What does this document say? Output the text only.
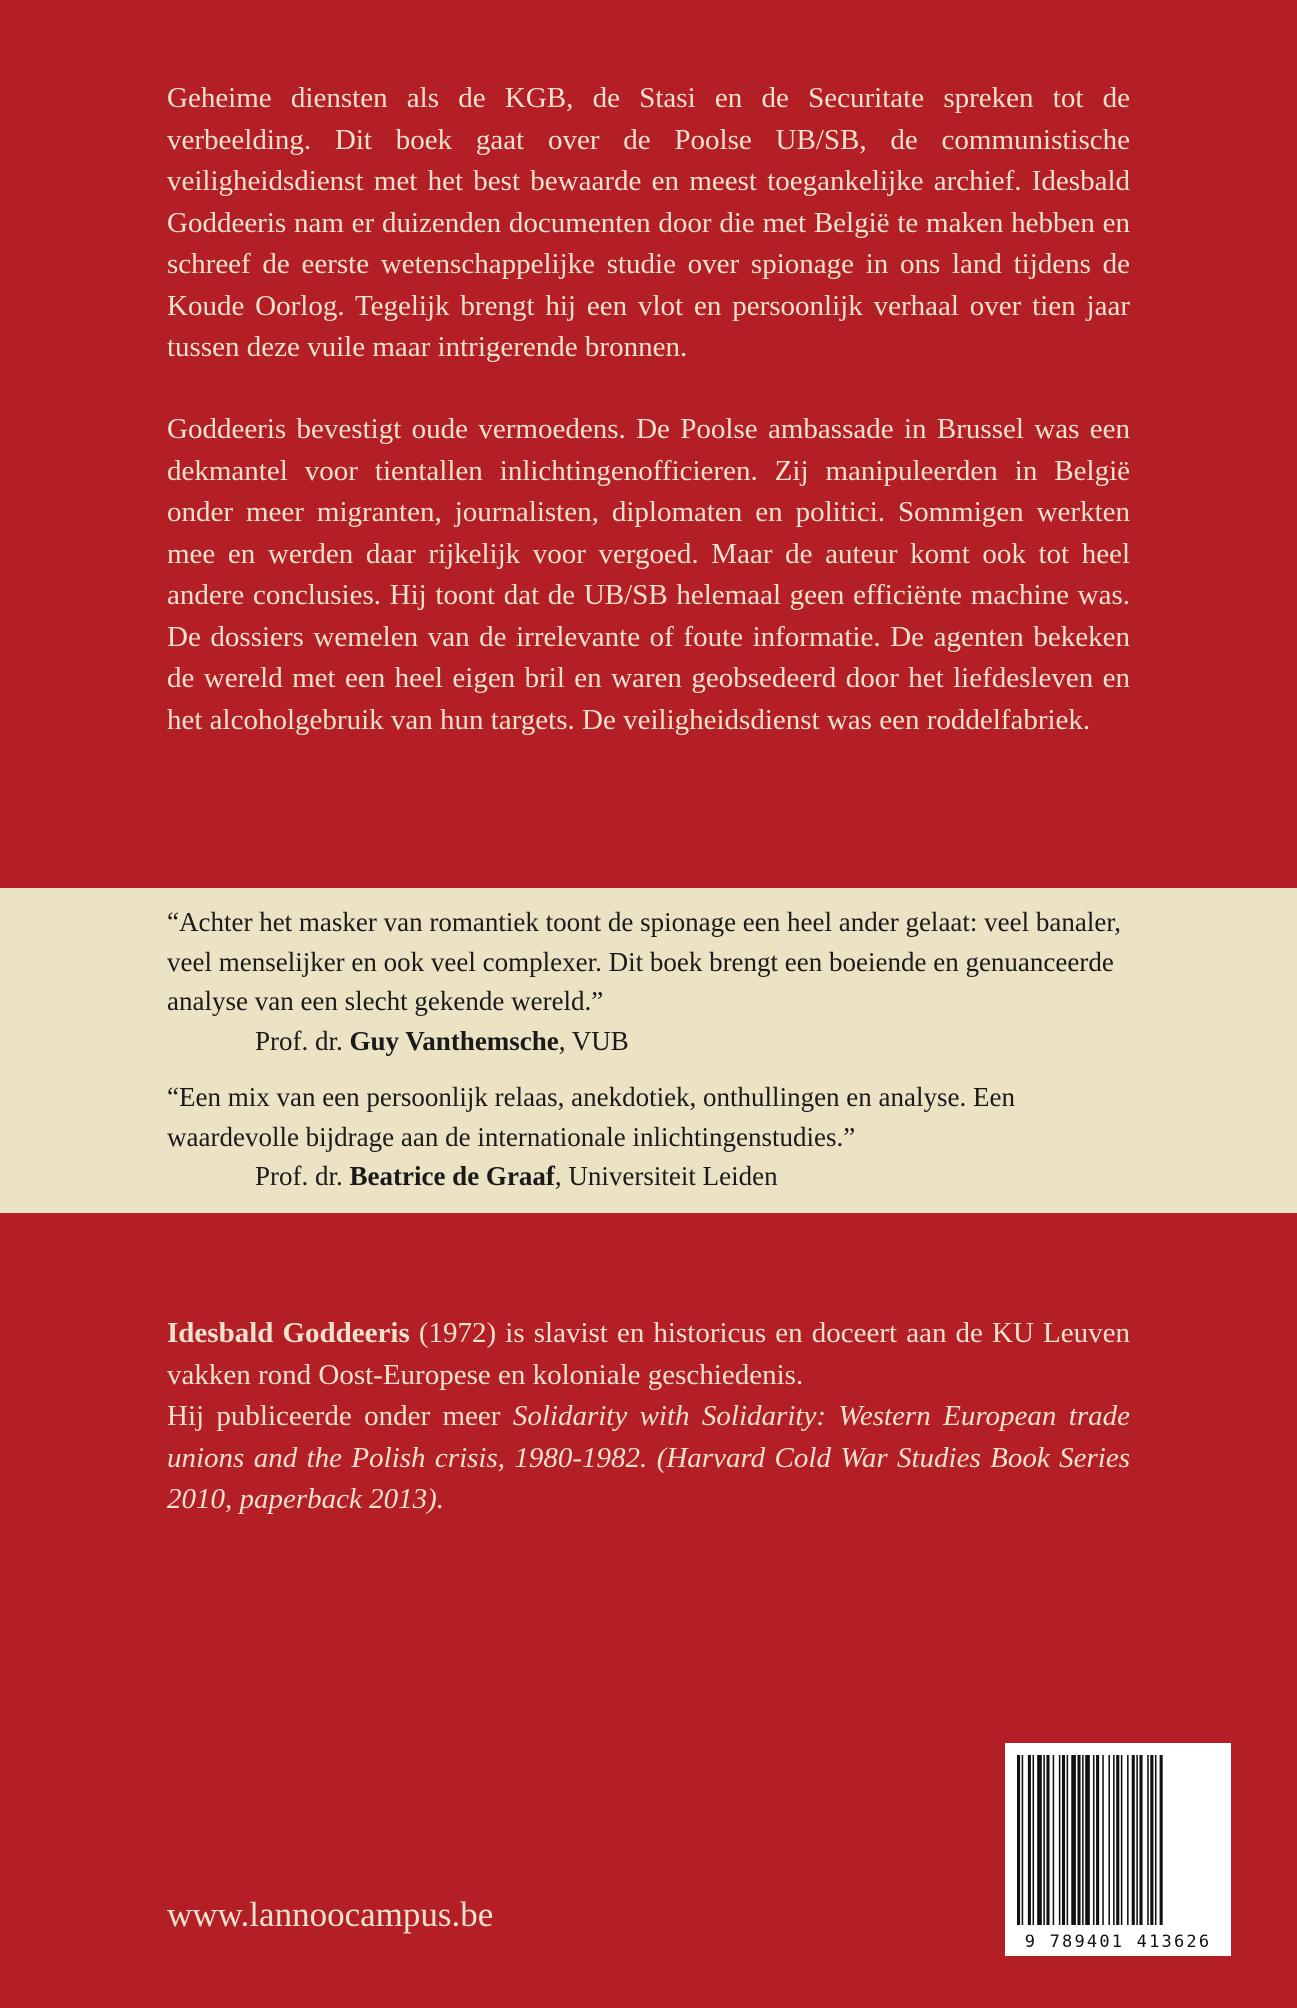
Geheime diensten als de KGB, de Stasi en de Securitate spreken tot de verbeelding. Dit boek gaat over de Poolse UB/SB, de communistische veiligheidsdienst met het best bewaarde en meest toegankelijke archief. Idesbald Goddeeris nam er duizenden documenten door die met België te maken hebben en schreef de eerste wetenschappelijke studie over spionage in ons land tijdens de Koude Oorlog. Tegelijk brengt hij een vlot en persoonlijk verhaal over tien jaar tussen deze vuile maar intrigerende bronnen.

Goddeeris bevestigt oude vermoedens. De Poolse ambassade in Brussel was een dekmantel voor tientallen inlichtingenofficieren. Zij manipuleerden in België onder meer migranten, journalisten, diplomaten en politici. Sommigen werkten mee en werden daar rijkelijk voor vergoed. Maar de auteur komt ook tot heel andere conclusies. Hij toont dat de UB/SB helemaal geen efficiënte machine was. De dossiers wemelen van de irrelevante of foute informatie. De agenten bekeken de wereld met een heel eigen bril en waren geobsedeerd door het liefdesleven en het alcoholgebruik van hun targets. De veiligheidsdienst was een roddelfabriek.

“Achter het masker van romantiek toont de spionage een heel ander gelaat: veel banaler, veel menselijker en ook veel complexer. Dit boek brengt een boeiende en genuanceerde analyse van een slecht gekende wereld.”
Prof. dr. Guy Vanthemsche, VUB

“Een mix van een persoonlijk relaas, anekdotiek, onthullingen en analyse. Een waardevolle bijdrage aan de internationale inlichtingenstudies.”
Prof. dr. Beatrice de Graaf, Universiteit Leiden

Idesbald Goddeeris (1972) is slavist en historicus en doceert aan de KU Leuven vakken rond Oost-Europese en koloniale geschiedenis.
Hij publiceerde onder meer Solidarity with Solidarity: Western European trade unions and the Polish crisis, 1980-1982. (Harvard Cold War Studies Book Series 2010, paperback 2013).

www.lannoocampus.be
9 789401 413626
